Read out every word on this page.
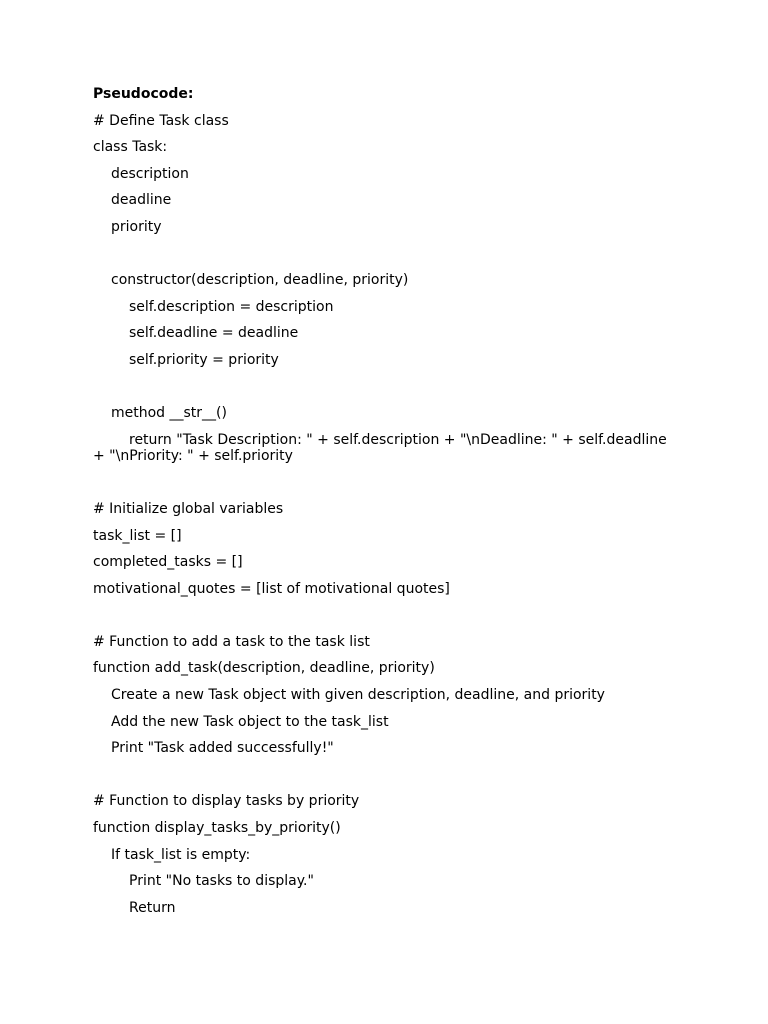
Pseudocode:
# Define Task class
class Task:
description
deadline
priority
constructor(description, deadline, priority)
self.description = description
self.deadline = deadline
self.priority = priority
method __str__()
return "Task Description: " + self.description + "\nDeadline: " + self.deadline
+ "\nPriority: " + self.priority
# Initialize global variables
task_list = []
completed_tasks = []
motivational_quotes = [list of motivational quotes]
# Function to add a task to the task list
function add_task(description, deadline, priority)
Create a new Task object with given description, deadline, and priority
Add the new Task object to the task_list
Print "Task added successfully!"
# Function to display tasks by priority
function display_tasks_by_priority()
If task_list is empty:
Print "No tasks to display."
Return
